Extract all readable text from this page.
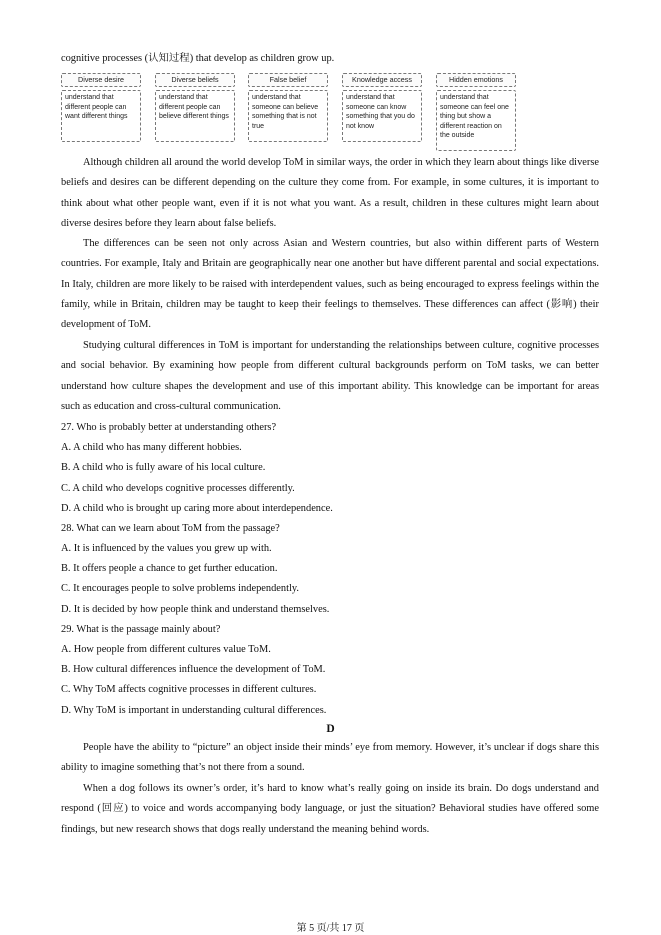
cognitive processes (认知过程) that develop as children grow up.
Diverse desire
understand that different people can want different things
Diverse beliefs
understand that different people can believe different things
False belief
understand that someone can believe something that is not true
Knowledge access
understand that someone can know something that you do not know
Hidden emotions
understand that someone can feel one thing but show a different reaction on the outside
Although children all around the world develop ToM in similar ways, the order in which they learn about things like diverse beliefs and desires can be different depending on the culture they come from. For example, in some cultures, it is important to think about what other people want, even if it is not what you want. As a result, children in these cultures might learn about diverse desires before they learn about false beliefs.
The differences can be seen not only across Asian and Western countries, but also within different parts of Western countries. For example, Italy and Britain are geographically near one another but have different parental and social expectations. In Italy, children are more likely to be raised with interdependent values, such as being encouraged to express feelings within the family, while in Britain, children may be taught to keep their feelings to themselves. These differences can affect (影响) their development of ToM.
Studying cultural differences in ToM is important for understanding the relationships between culture, cognitive processes and social behavior. By examining how people from different cultural backgrounds perform on ToM tasks, we can better understand how culture shapes the development and use of this important ability. This knowledge can be important for areas such as education and cross-cultural communication.
27. Who is probably better at understanding others?
A. A child who has many different hobbies.
B. A child who is fully aware of his local culture.
C. A child who develops cognitive processes differently.
D. A child who is brought up caring more about interdependence.
28. What can we learn about ToM from the passage?
A. It is influenced by the values you grew up with.
B. It offers people a chance to get further education.
C. It encourages people to solve problems independently.
D. It is decided by how people think and understand themselves.
29. What is the passage mainly about?
A. How people from different cultures value ToM.
B. How cultural differences influence the development of ToM.
C. Why ToM affects cognitive processes in different cultures.
D. Why ToM is important in understanding cultural differences.
D
People have the ability to “picture” an object inside their minds’ eye from memory. However, it’s unclear if dogs share this ability to imagine something that’s not there from a sound.
When a dog follows its owner’s order, it’s hard to know what’s really going on inside its brain. Do dogs understand and respond (回应) to voice and words accompanying body language, or just the situation? Behavioral studies have offered some findings, but new research shows that dogs really understand the meaning behind words.
第 5 页/共 17 页
